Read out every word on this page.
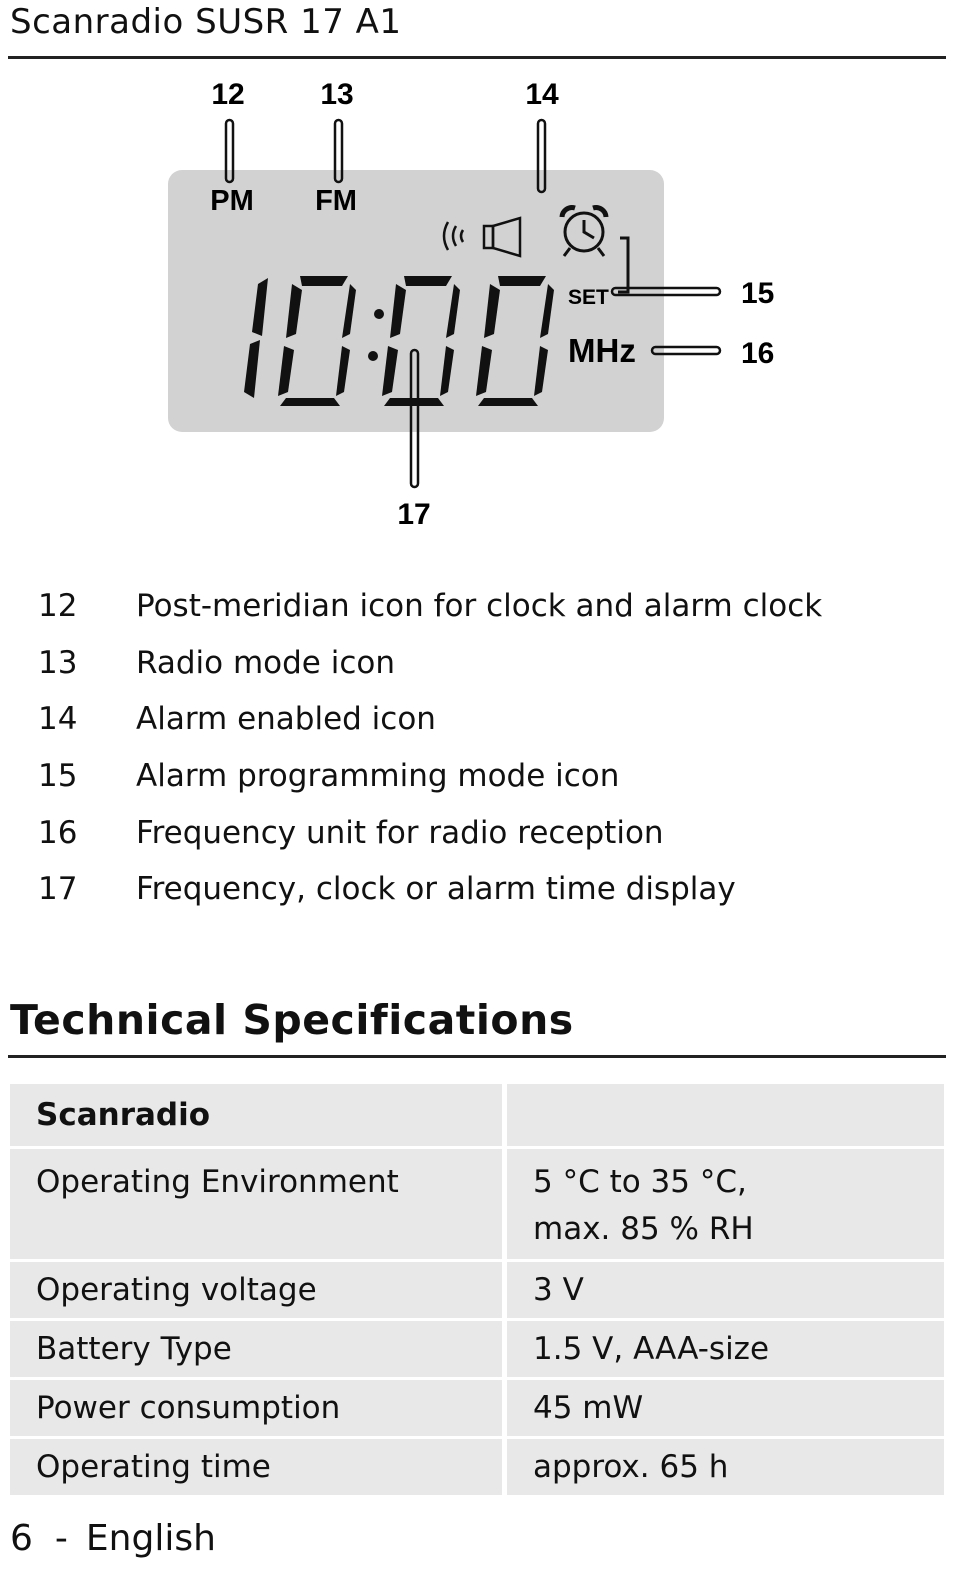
Scanradio SUSR 17 A1
12	13	14
15
16
17
PM FM
SET
MHz
10:00
12	Post-meridian icon for clock and alarm clock
13	Radio mode icon
14	Alarm enabled icon
15	Alarm programming mode icon
16	Frequency unit for radio reception
17	Frequency, clock or alarm time display
Technical Specifications
Scanradio	
Operating Environment	5 °C to 35 °C,
max. 85 % RH

Operating voltage	3 V
Battery Type	1.5 V, AAA-size
Power consumption	45 mW
Operating time	approx. 65 h
6 - English
